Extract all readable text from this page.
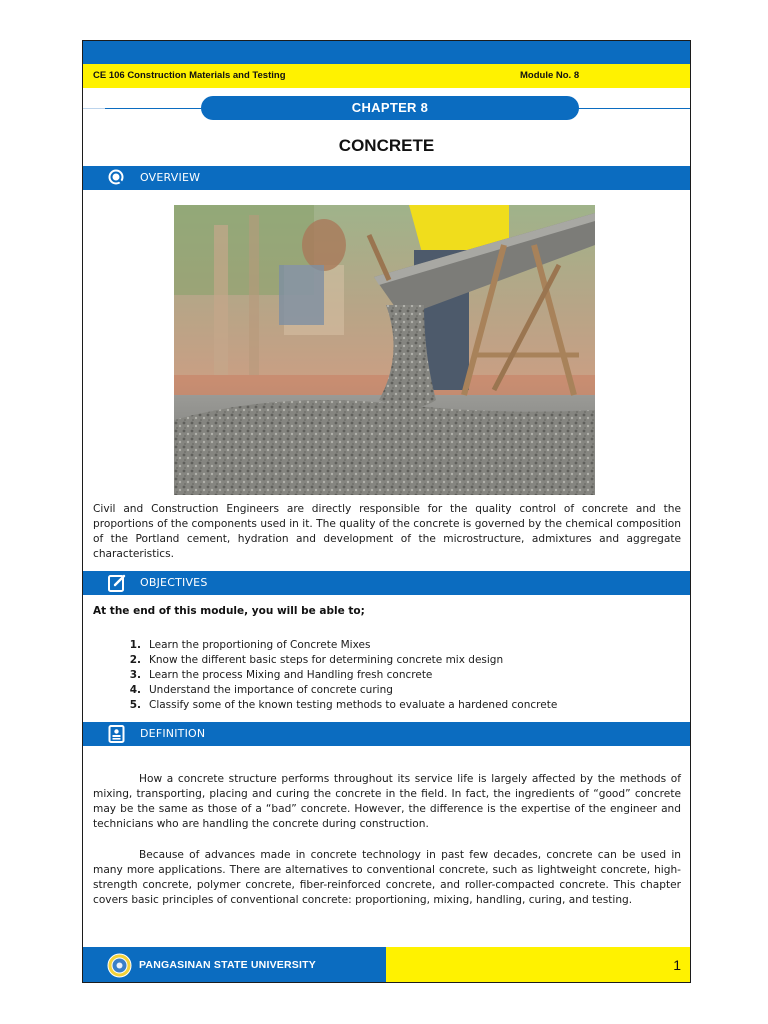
CE 106 Construction Materials and Testing	Module No. 8
CHAPTER 8
CONCRETE
OVERVIEW
Civil and Construction Engineers are directly responsible for the quality control of concrete and the proportions of the components used in it. The quality of the concrete is governed by the chemical composition of the Portland cement, hydration and development of the microstructure, admixtures and aggregate characteristics.
OBJECTIVES
At the end of this module, you will be able to;
1. Learn the proportioning of Concrete Mixes
2. Know the different basic steps for determining concrete mix design
3. Learn the process Mixing and Handling fresh concrete
4. Understand the importance of concrete curing
5. Classify some of the known testing methods to evaluate a hardened concrete
DEFINITION
How a concrete structure performs throughout its service life is largely affected by the methods of mixing, transporting, placing and curing the concrete in the field. In fact, the ingredients of “good” concrete may be the same as those of a “bad” concrete. However, the difference is the expertise of the engineer and technicians who are handling the concrete during construction.
Because of advances made in concrete technology in past few decades, concrete can be used in many more applications. There are alternatives to conventional concrete, such as lightweight concrete, high-strength concrete, polymer concrete, fiber-reinforced concrete, and roller-compacted concrete. This chapter covers basic principles of conventional concrete: proportioning, mixing, handling, curing, and testing.
PANGASINAN STATE UNIVERSITY	1
